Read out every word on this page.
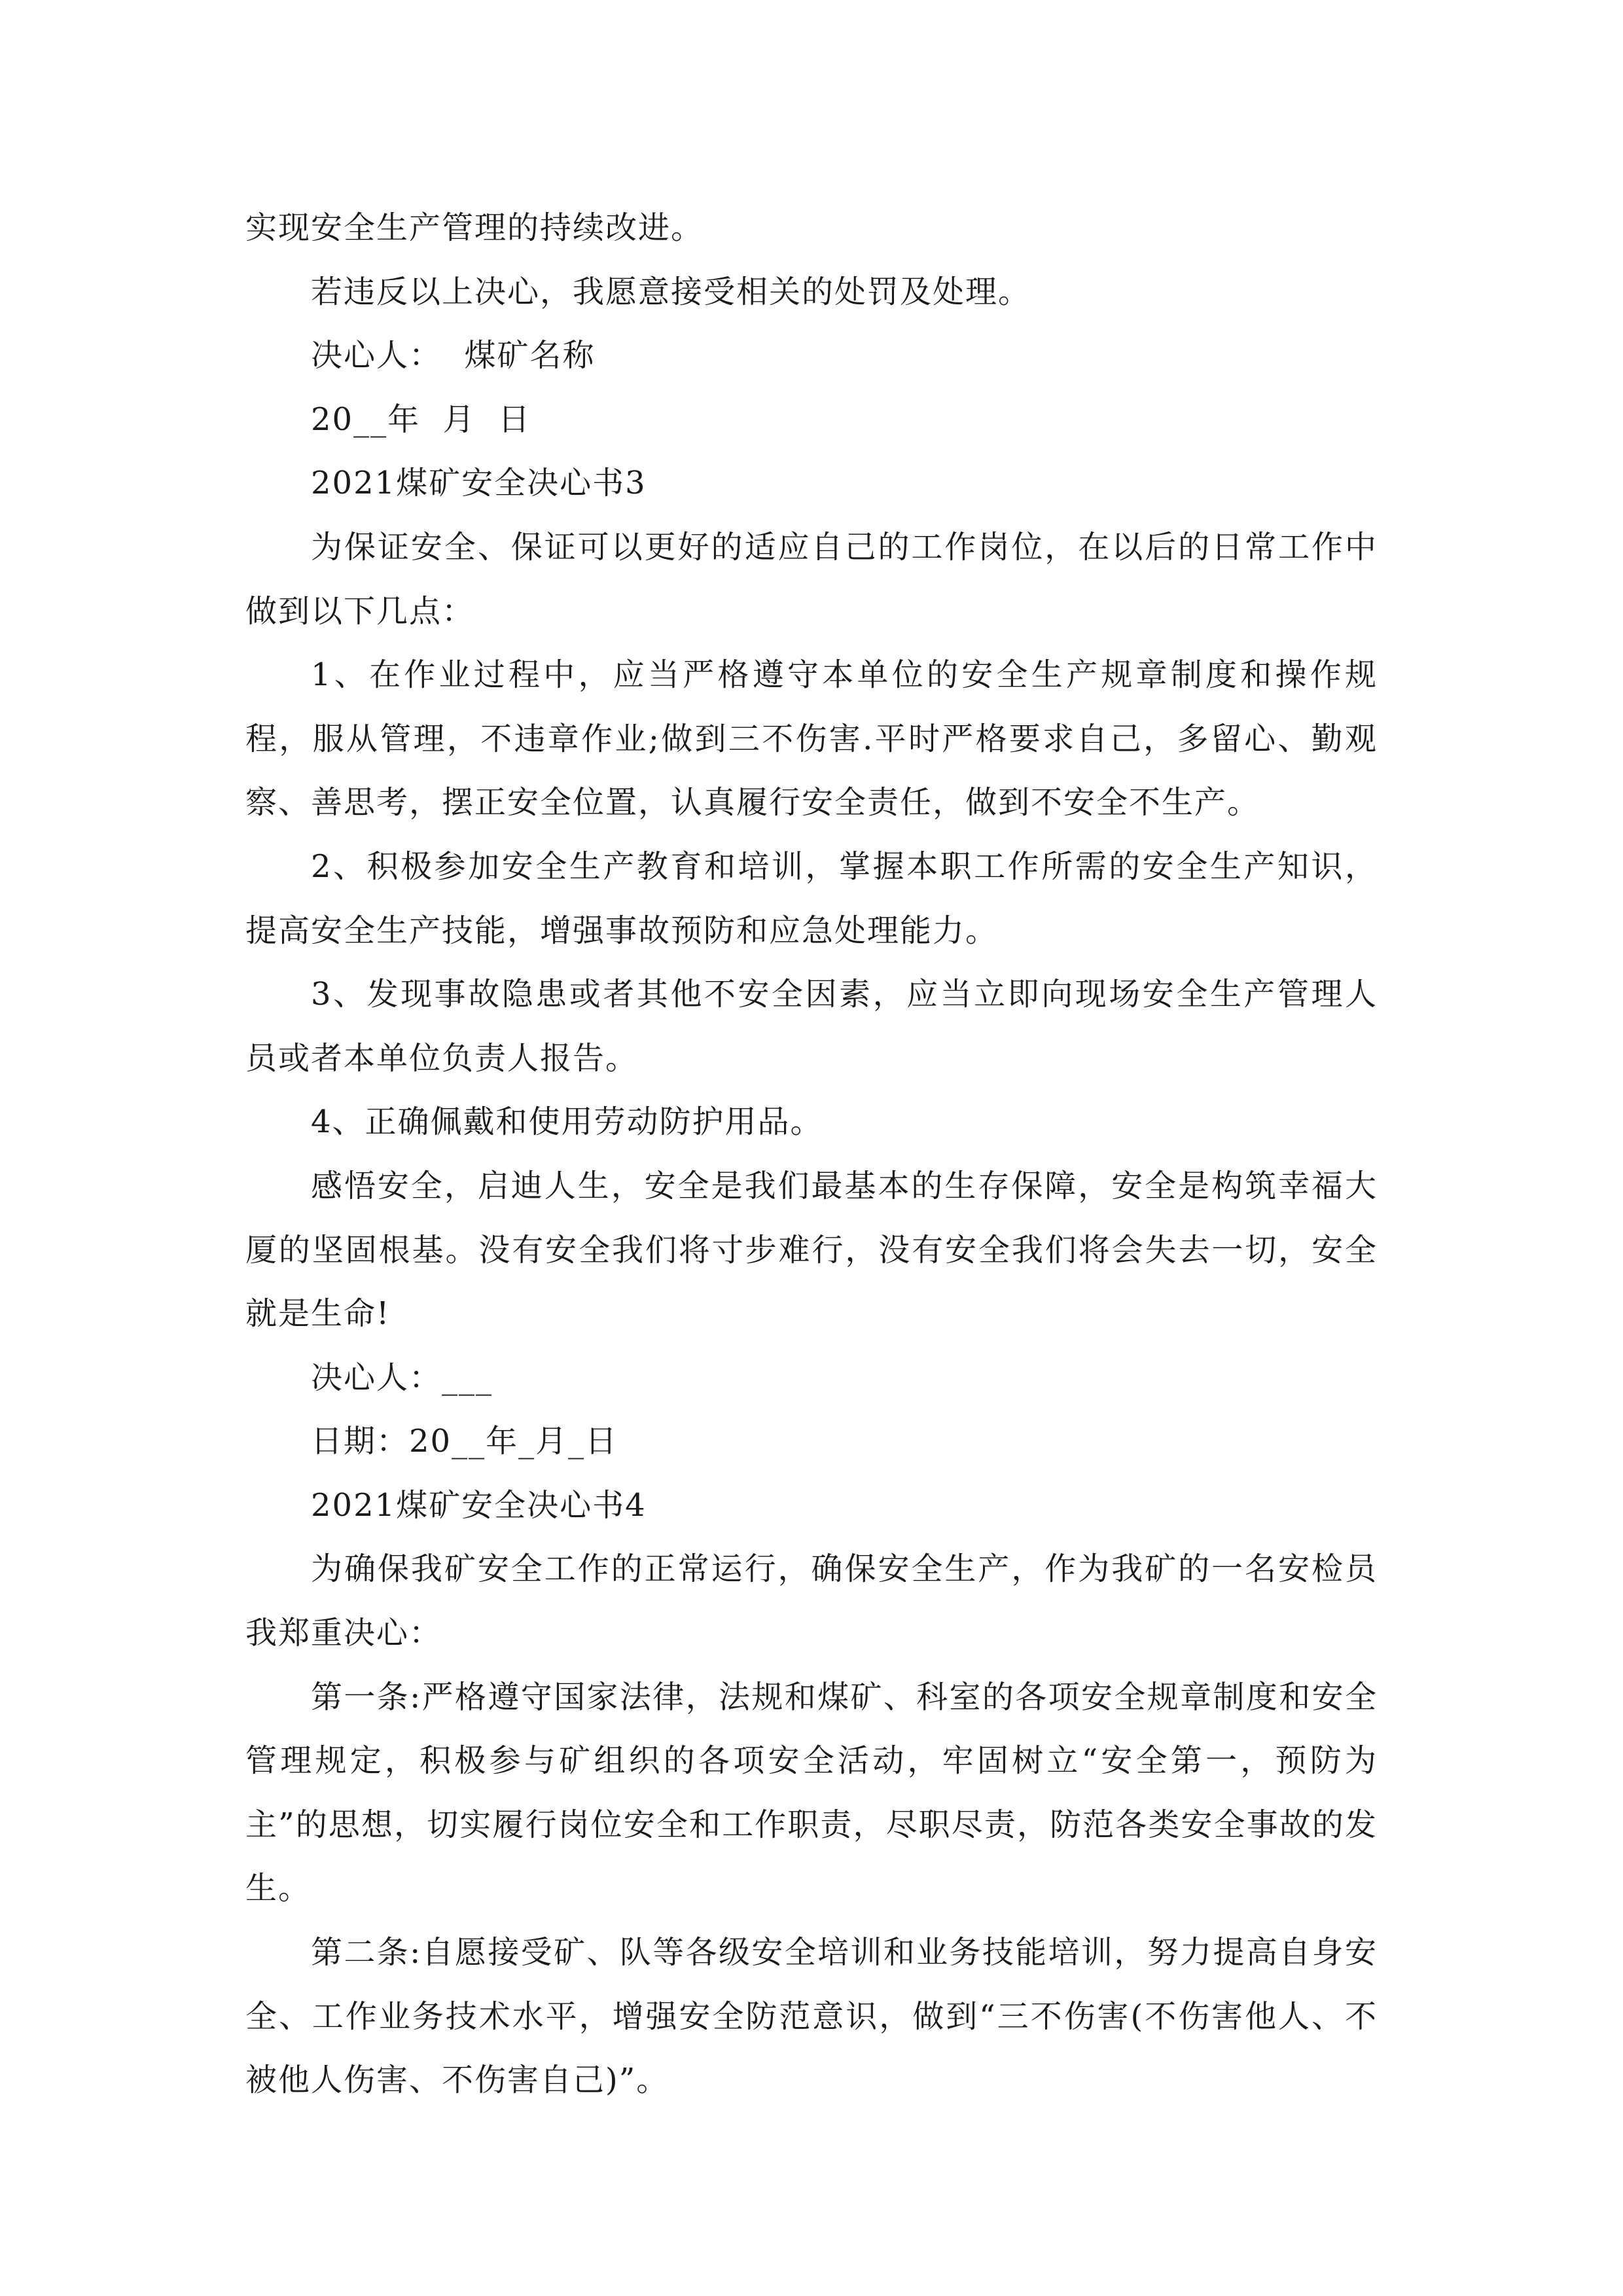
实现安全生产管理的持续改进。

若违反以上决心，我愿意接受相关的处罚及处理。

决心人：  煤矿名称

20__年  月  日

2021煤矿安全决心书3

为保证安全、保证可以更好的适应自己的工作岗位，在以后的日常工作中做到以下几点：

1、在作业过程中，应当严格遵守本单位的安全生产规章制度和操作规程，服从管理，不违章作业;做到三不伤害.平时严格要求自己，多留心、勤观察、善思考，摆正安全位置，认真履行安全责任，做到不安全不生产。

2、积极参加安全生产教育和培训，掌握本职工作所需的安全生产知识，提高安全生产技能，增强事故预防和应急处理能力。

3、发现事故隐患或者其他不安全因素，应当立即向现场安全生产管理人员或者本单位负责人报告。

4、正确佩戴和使用劳动防护用品。

感悟安全，启迪人生，安全是我们最基本的生存保障，安全是构筑幸福大厦的坚固根基。没有安全我们将寸步难行，没有安全我们将会失去一切，安全就是生命!

决心人：___

日期：20__年_月_日

2021煤矿安全决心书4

为确保我矿安全工作的正常运行，确保安全生产，作为我矿的一名安检员我郑重决心：

第一条:严格遵守国家法律，法规和煤矿、科室的各项安全规章制度和安全管理规定，积极参与矿组织的各项安全活动，牢固树立“安全第一，预防为主”的思想，切实履行岗位安全和工作职责，尽职尽责，防范各类安全事故的发生。

第二条:自愿接受矿、队等各级安全培训和业务技能培训，努力提高自身安全、工作业务技术水平，增强安全防范意识，做到“三不伤害(不伤害他人、不被他人伤害、不伤害自己)”。
